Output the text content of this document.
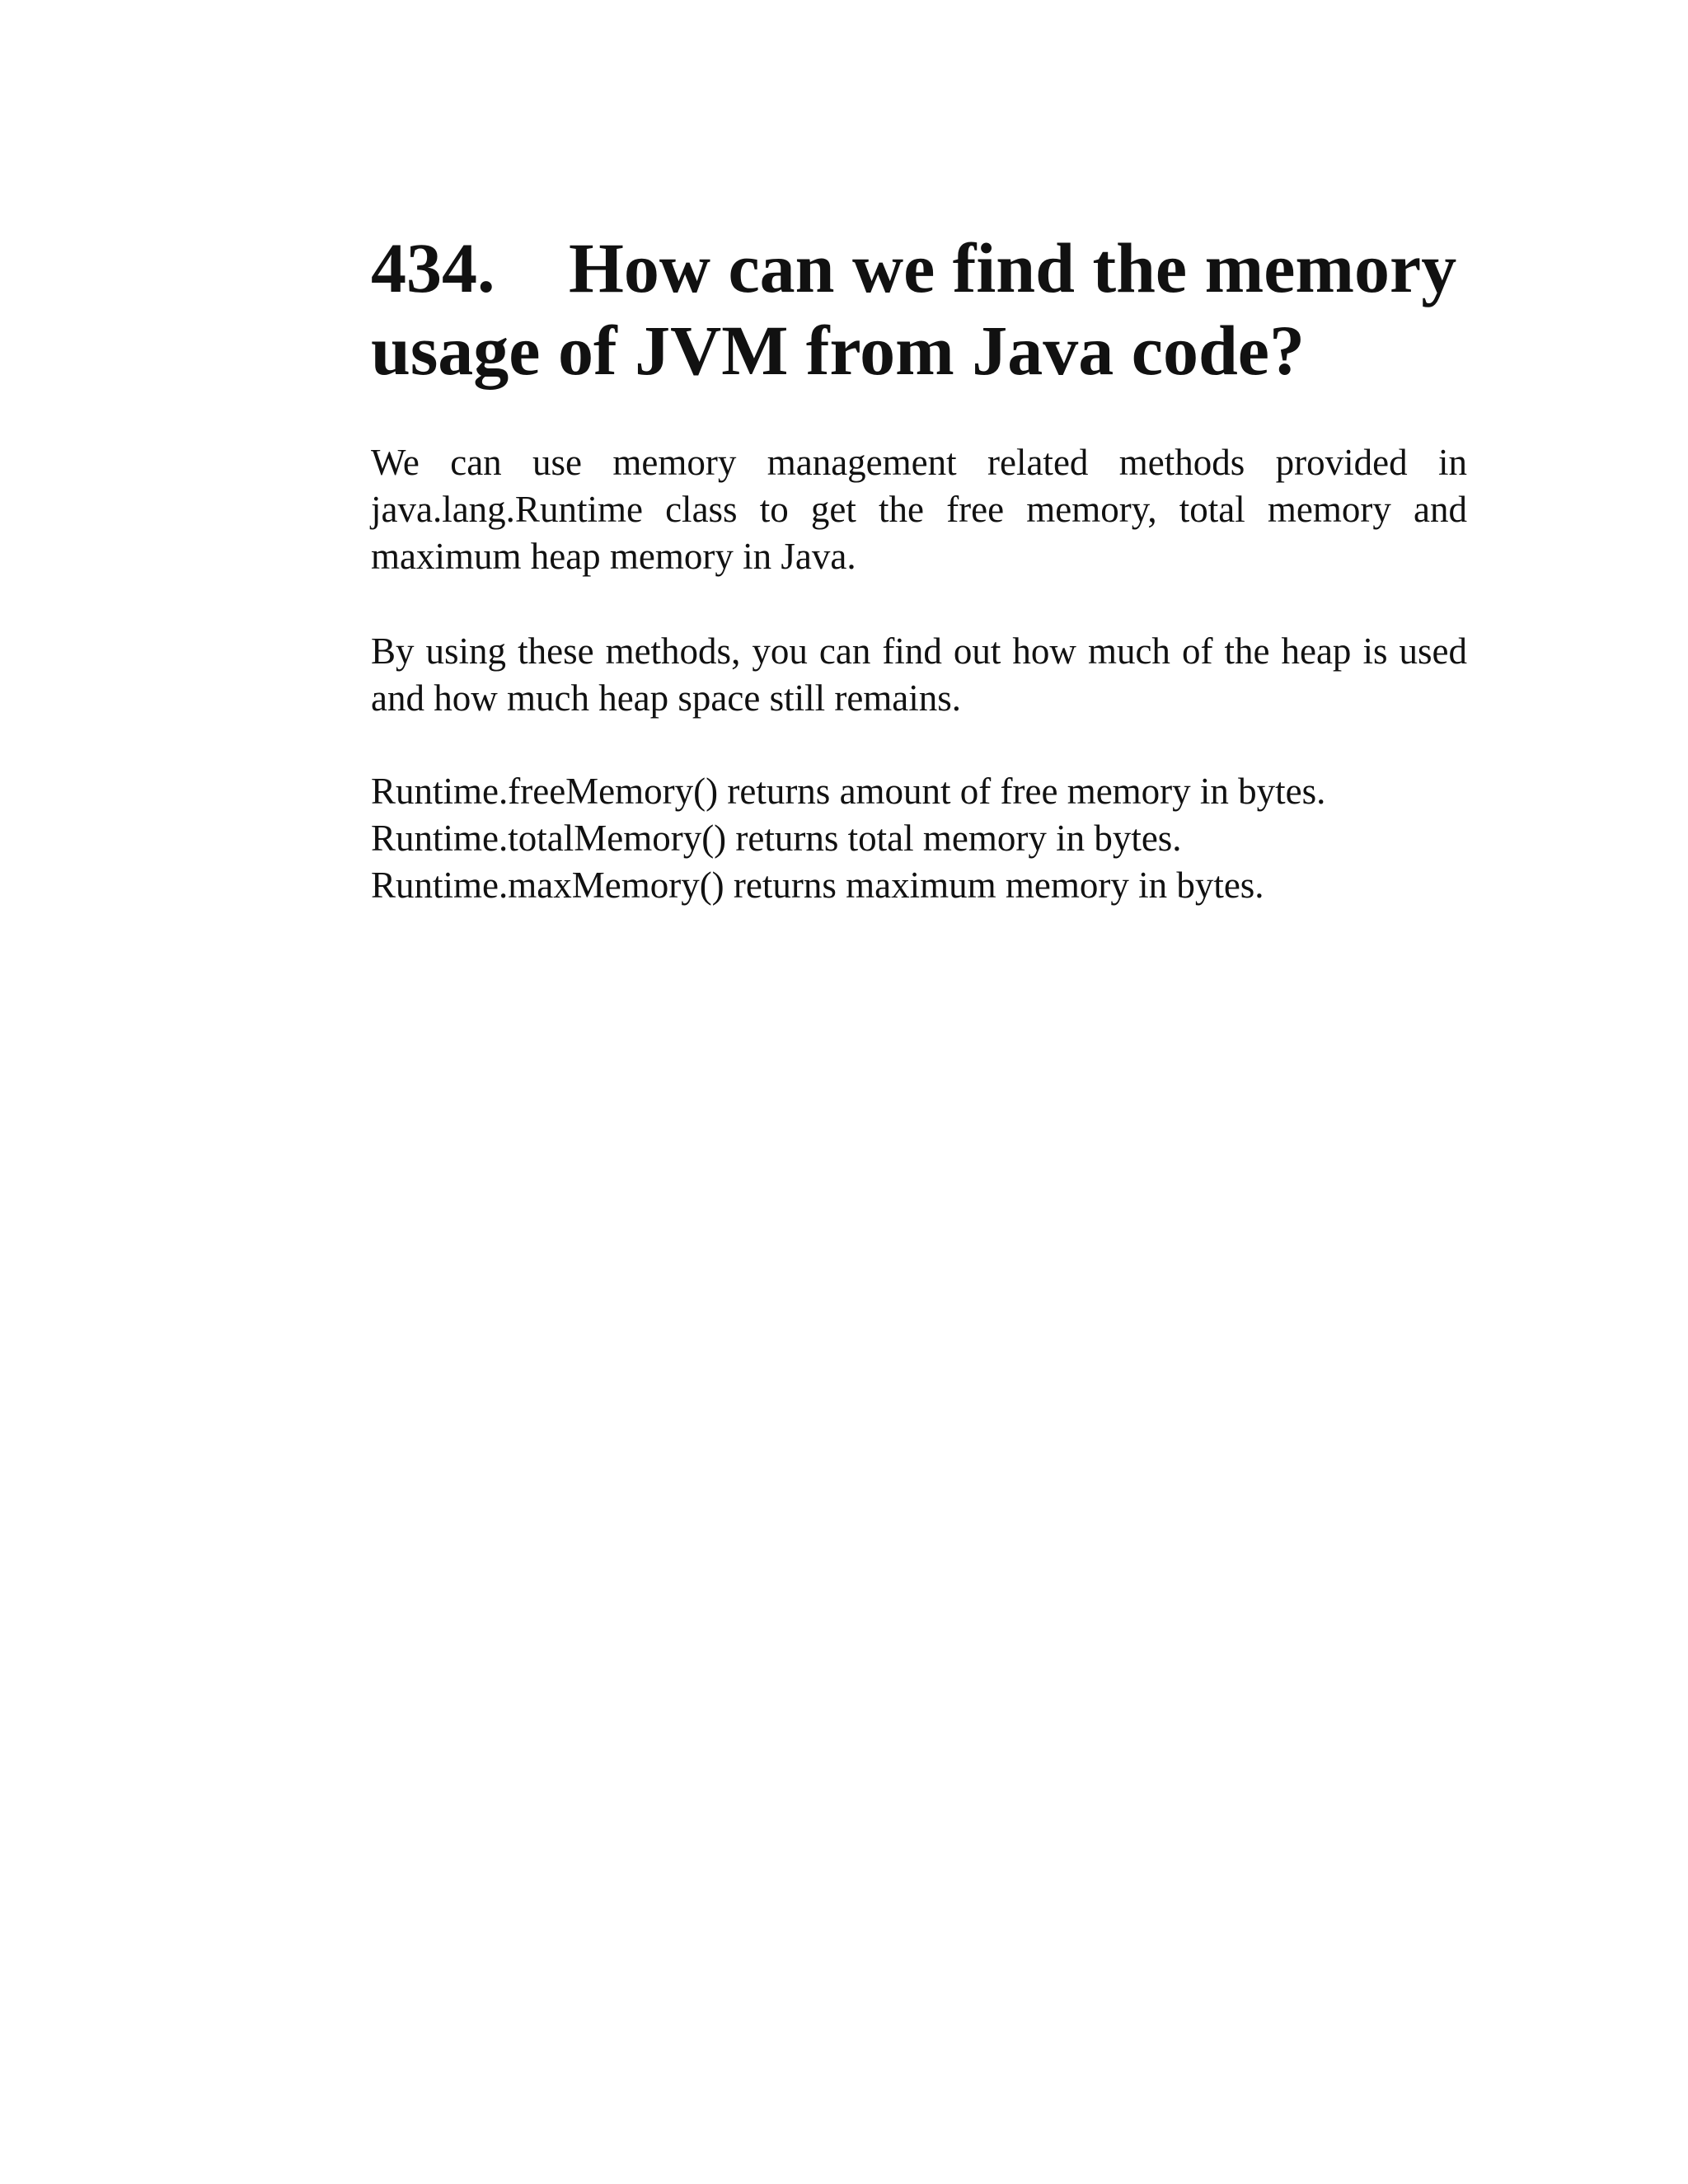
434. How can we find the memory usage of JVM from Java code?

We can use memory management related methods provided in java.lang.Runtime class to get the free memory, total memory and maximum heap memory in Java.

By using these methods, you can find out how much of the heap is used and how much heap space still remains.

Runtime.freeMemory() returns amount of free memory in bytes.
Runtime.totalMemory() returns total memory in bytes.
Runtime.maxMemory() returns maximum memory in bytes.
